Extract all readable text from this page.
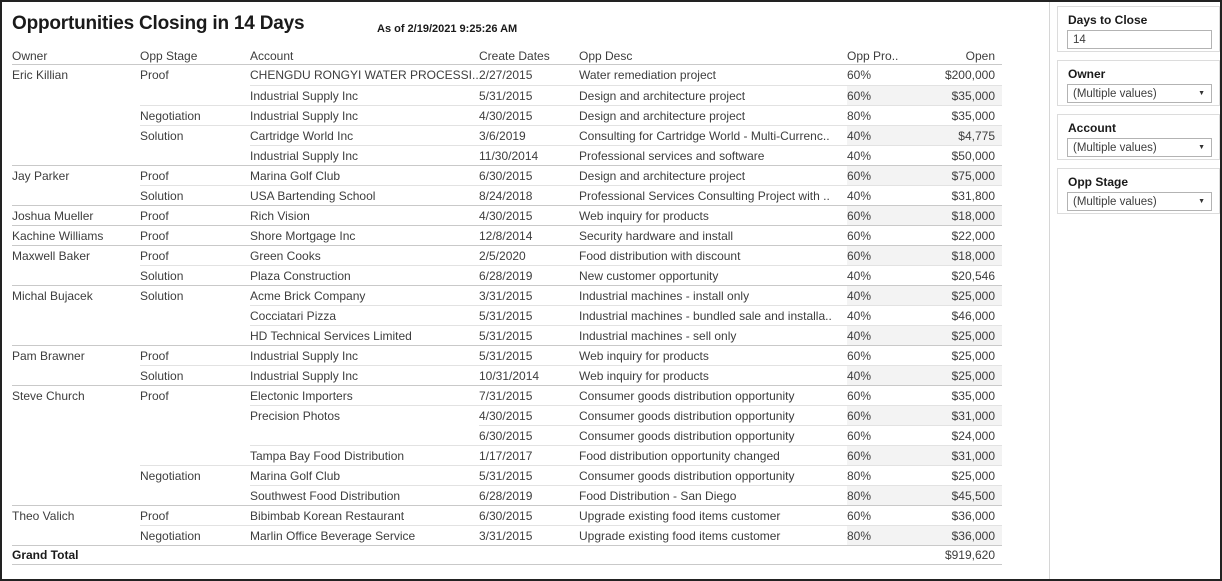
Opportunities Closing in 14 Days	As of 2/19/2021 9:25:26 AM
Owner	Opp Stage	Account	Create Dates	Opp Desc	Opp Pro..	Open
Eric Killian	Proof	CHENGDU RONGYI WATER PROCESSI.. 2/27/2015	Water remediation project	60%	$200,000
Industrial Supply Inc	5/31/2015	Design and architecture project	60%	$35,000
Negotiation	Industrial Supply Inc	4/30/2015	Design and architecture project	80%	$35,000
Solution	Cartridge World Inc	3/6/2019	Consulting for Cartridge World - Multi-Currenc..	40%	$4,775
Industrial Supply Inc	11/30/2014	Professional services and software	40%	$50,000
Jay Parker	Proof	Marina Golf Club	6/30/2015	Design and architecture project	60%	$75,000
Solution	USA Bartending School	8/24/2018	Professional Services Consulting Project with ..	40%	$31,800
Joshua Mueller	Proof	Rich Vision	4/30/2015	Web inquiry for products	60%	$18,000
Kachine Williams	Proof	Shore Mortgage Inc	12/8/2014	Security hardware and install	60%	$22,000
Maxwell Baker	Proof	Green Cooks	2/5/2020	Food distribution with discount	60%	$18,000
Solution	Plaza Construction	6/28/2019	New customer opportunity	40%	$20,546
Michal Bujacek	Solution	Acme Brick Company	3/31/2015	Industrial machines - install only	40%	$25,000
Cocciatari Pizza	5/31/2015	Industrial machines - bundled sale and installa..	40%	$46,000
HD Technical Services Limited	5/31/2015	Industrial machines - sell only	40%	$25,000
Pam Brawner	Proof	Industrial Supply Inc	5/31/2015	Web inquiry for products	60%	$25,000
Solution	Industrial Supply Inc	10/31/2014	Web inquiry for products	40%	$25,000
Steve Church	Proof	Electonic Importers	7/31/2015	Consumer goods distribution opportunity	60%	$35,000
Precision Photos	4/30/2015	Consumer goods distribution opportunity	60%	$31,000
6/30/2015	Consumer goods distribution opportunity	60%	$24,000
Tampa Bay Food Distribution	1/17/2017	Food distribution opportunity changed	60%	$31,000
Negotiation	Marina Golf Club	5/31/2015	Consumer goods distribution opportunity	80%	$25,000
Southwest Food Distribution	6/28/2019	Food Distribution - San Diego	80%	$45,500
Theo Valich	Proof	Bibimbab Korean Restaurant	6/30/2015	Upgrade existing food items customer	60%	$36,000
Negotiation	Marlin Office Beverage Service	3/31/2015	Upgrade existing food items customer	80%	$36,000
Grand Total	$919,620
Days to Close
14
Owner
(Multiple values)	▼
Account
(Multiple values)	▼
Opp Stage
(Multiple values)	▼
